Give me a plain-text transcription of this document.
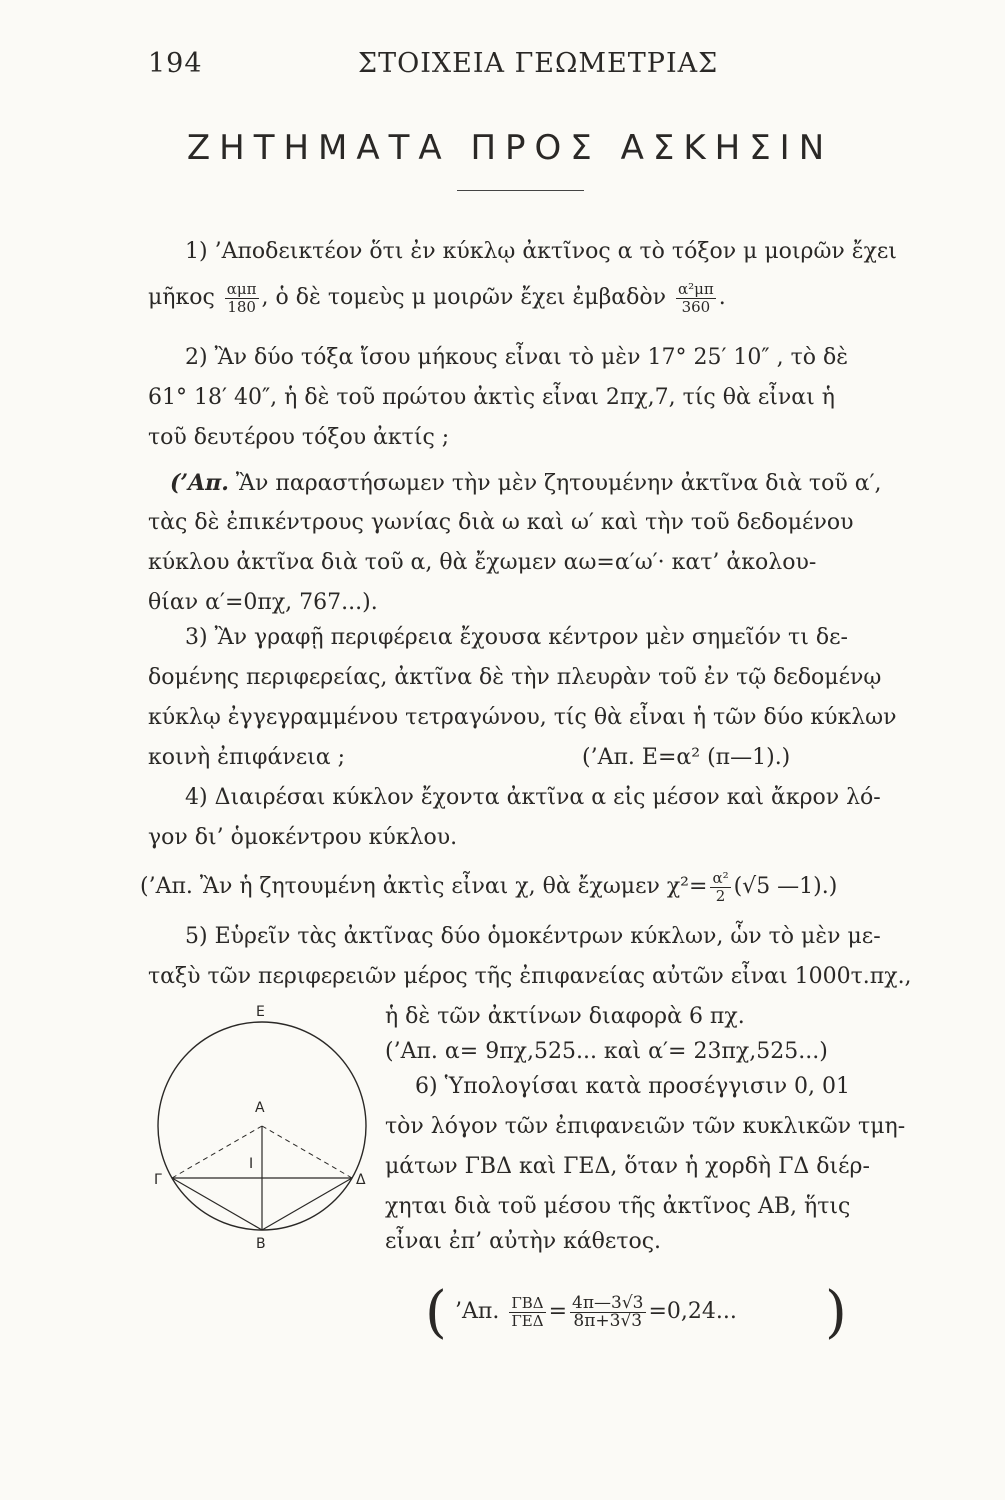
194	ΣΤΟΙΧΕΙΑ ΓΕΩΜΕΤΡΙΑΣ
ΖΗΤΗΜΑΤΑ ΠΡΟΣ ΑΣΚΗΣΙΝ
1) ’Αποδεικτέον ὅτι ἐν κύκλῳ ἀκτῖνος α τὸ τόξον μ μοιρῶν ἔχει
μῆκος $\frac{\text{αμπ}}{180}$ , ὁ δὲ τομεὺς μ μοιρῶν ἔχει ἐμβαδὸν $\frac{\text{α²μπ}}{360}$ .
2) Ἂν δύο τόξα ἴσου μήκους εἶναι τὸ μὲν 17° 25′ 10″ , τὸ δὲ
61° 18′ 40″, ἡ δὲ τοῦ πρώτου ἀκτὶς εἶναι 2πχ,7, τίς θὰ εἶναι ἡ
τοῦ δευτέρου τόξου ἀκτίς ;
(’Απ. Ἂν παραστήσωμεν τὴν μὲν ζητουμένην ἀκτῖνα διὰ τοῦ α′,
τὰς δὲ ἐπικέντρους γωνίας διὰ ω καὶ ω′ καὶ τὴν τοῦ δεδομένου
κύκλου ἀκτῖνα διὰ τοῦ α, θὰ ἔχωμεν αω=α′ω′· κατ’ ἀκολου-
θίαν α′=0πχ, 767...).
3) Ἂν γραφῇ περιφέρεια ἔχουσα κέντρον μὲν σημεῖόν τι δε-
δομένης περιφερείας, ἀκτῖνα δὲ τὴν πλευρὰν τοῦ ἐν τῷ δεδομένῳ
κύκλῳ ἐγγεγραμμένου τετραγώνου, τίς θὰ εἶναι ἡ τῶν δύο κύκλων
κοινὴ ἐπιφάνεια ;	(’Απ. Ε=α² (π—1).)
4) Διαιρέσαι κύκλον ἔχοντα ἀκτῖνα α εἰς μέσον καὶ ἄκρον λό-
γον δι’ ὁμοκέντρου κύκλου.
(’Απ. Ἂν ἡ ζητουμένη ἀκτὶς εἶναι χ, θὰ ἔχωμεν $\chi^2= \frac{\text{α²}}{2} (√5$ —1).)
5) Εὑρεῖν τὰς ἀκτῖνας δύο ὁμοκέντρων κύκλων, ὧν τὸ μὲν με-
ταξὺ τῶν περιφερειῶν μέρος τῆς ἐπιφανείας αὐτῶν εἶναι 1000τ.πχ.,
ἡ δὲ τῶν ἀκτίνων διαφορὰ 6 πχ.
(’Απ. α= 9πχ,525... καὶ α′= 23πχ,525...)
6) Ὑπολογίσαι κατὰ προσέγγισιν 0, 01
τὸν λόγον τῶν ἐπιφανειῶν τῶν κυκλικῶν τμη-
μάτων ΓΒΔ καὶ ΓΕΔ, ὅταν ἡ χορδὴ ΓΔ διέρ-
χηται διὰ τοῦ μέσου τῆς ἀκτῖνος ΑΒ, ἥτις
εἶναι ἐπ’ αὐτὴν κάθετος.
( ’Απ. $\frac{\text{ΓΒΔ}}{\text{ΓΕΔ}} = \frac{4\pi—3√3}{8\pi+3√3} =0,24$... )
Ε
Α
Ι
Γ	Δ
Β
